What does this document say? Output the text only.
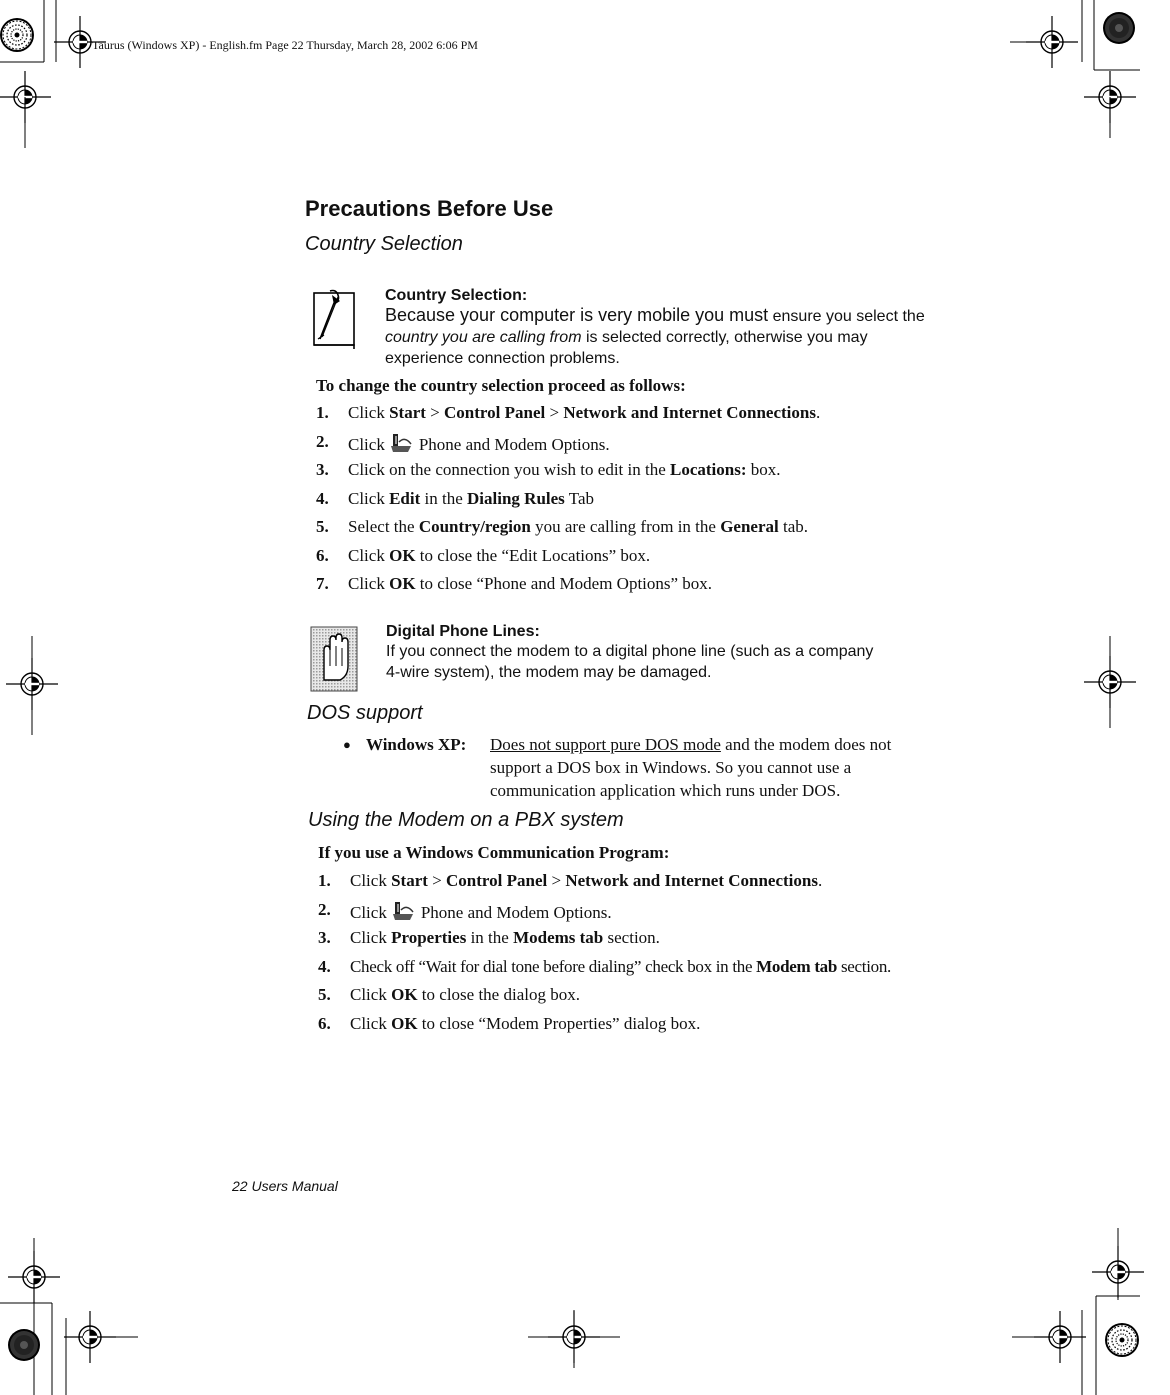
Taurus (Windows XP) - English.fm Page 22 Thursday, March 28, 2002 6:06 PM
Precautions Before Use
Country Selection
Country Selection:
Because your computer is very mobile you must ensure you select the
country you are calling from is selected correctly, otherwise you may
experience connection problems.
To change the country selection proceed as follows:
1. Click Start > Control Panel > Network and Internet Connections.
2. Click Phone and Modem Options.
3. Click on the connection you wish to edit in the Locations: box.
4. Click Edit in the Dialing Rules Tab
5. Select the Country/region you are calling from in the General tab.
6. Click OK to close the “Edit Locations” box.
7. Click OK to close “Phone and Modem Options” box.
Digital Phone Lines:
If you connect the modem to a digital phone line (such as a company
4-wire system), the modem may be damaged.
DOS support
● Windows XP: Does not support pure DOS mode and the modem does not
support a DOS box in Windows. So you cannot use a
communication application which runs under DOS.
Using the Modem on a PBX system
If you use a Windows Communication Program:
1. Click Start > Control Panel > Network and Internet Connections.
2. Click Phone and Modem Options.
3. Click Properties in the Modems tab section.
4. Check off “Wait for dial tone before dialing” check box in the Modem tab section.
5. Click OK to close the dialog box.
6. Click OK to close “Modem Properties” dialog box.
22 Users Manual
